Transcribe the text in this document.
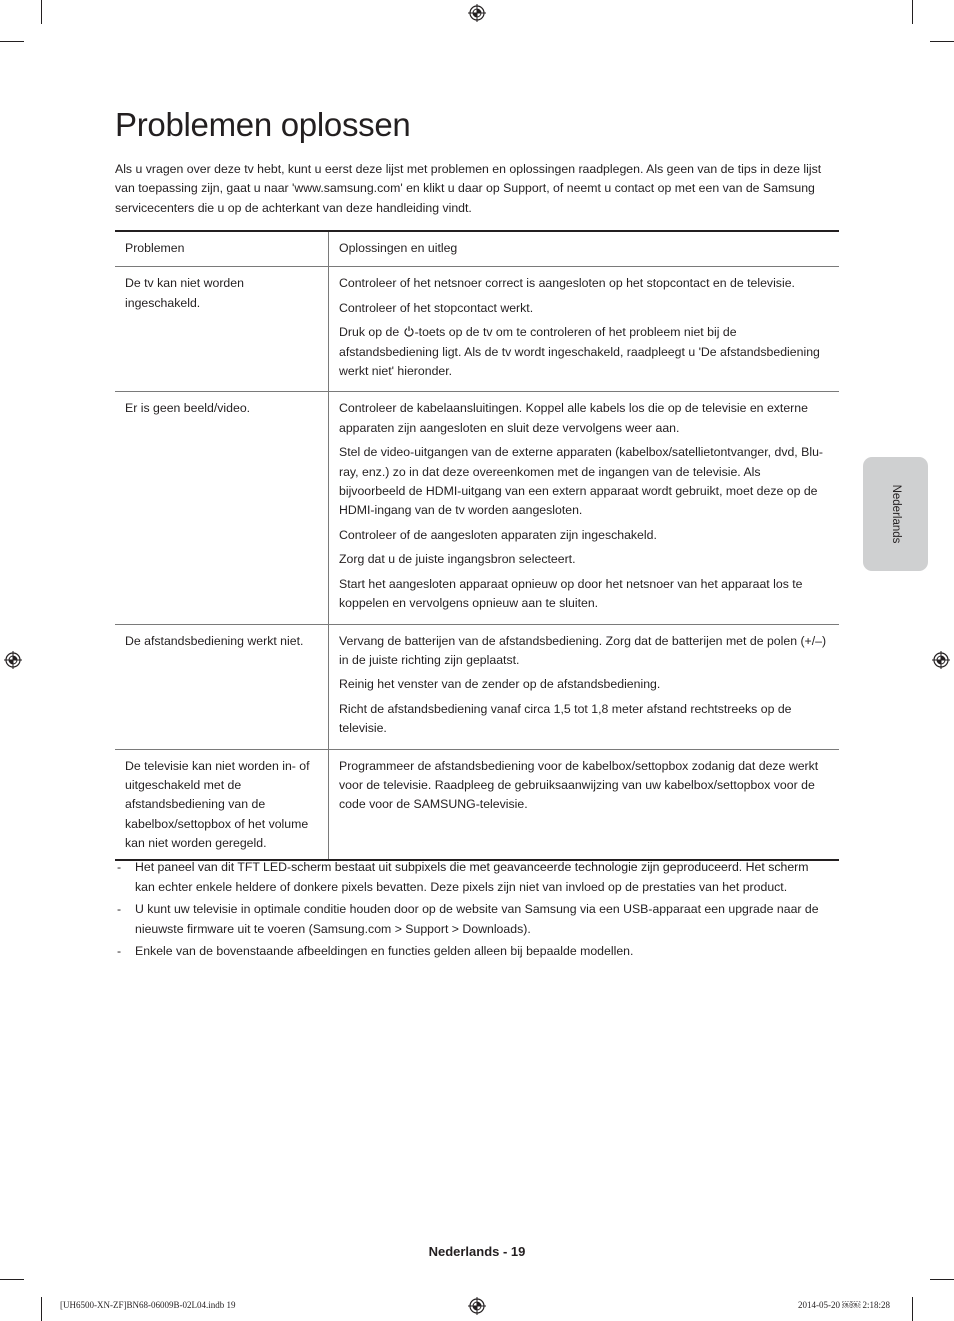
Problemen oplossen

Als u vragen over deze tv hebt, kunt u eerst deze lijst met problemen en oplossingen raadplegen. Als geen van de tips in deze lijst van toepassing zijn, gaat u naar 'www.samsung.com' en klikt u daar op Support, of neemt u contact op met een van de Samsung servicecenters die u op de achterkant van deze handleiding vindt.

Problemen	Oplossingen en uitleg
De tv kan niet worden ingeschakeld.	Controleer of het netsnoer correct is aangesloten op het stopcontact en de televisie.

Controleer of het stopcontact werkt.

Druk op de -toets op de tv om te controleren of het probleem niet bij de afstandsbediening ligt. Als de tv wordt ingeschakeld, raadpleegt u 'De afstandsbediening werkt niet' hieronder.

Er is geen beeld/video.	Controleer de kabelaansluitingen. Koppel alle kabels los die op de televisie en externe apparaten zijn aangesloten en sluit deze vervolgens weer aan.

Stel de video-uitgangen van de externe apparaten (kabelbox/satellietontvanger, dvd, Blu-ray, enz.) zo in dat deze overeenkomen met de ingangen van de televisie. Als bijvoorbeeld de HDMI-uitgang van een extern apparaat wordt gebruikt, moet deze op de HDMI-ingang van de tv worden aangesloten.

Controleer of de aangesloten apparaten zijn ingeschakeld.

Zorg dat u de juiste ingangsbron selecteert.

Start het aangesloten apparaat opnieuw op door het netsnoer van het apparaat los te koppelen en vervolgens opnieuw aan te sluiten.

De afstandsbediening werkt niet.	Vervang de batterijen van de afstandsbediening. Zorg dat de batterijen met de polen (+/–) in de juiste richting zijn geplaatst.

Reinig het venster van de zender op de afstandsbediening.

Richt de afstandsbediening vanaf circa 1,5 tot 1,8 meter afstand rechtstreeks op de televisie.

De televisie kan niet worden in- of uitgeschakeld met de afstandsbediening van de kabelbox/settopbox of het volume kan niet worden geregeld.	Programmeer de afstandsbediening voor de kabelbox/settopbox zodanig dat deze werkt voor de televisie. Raadpleeg de gebruiksaanwijzing van uw kabelbox/settopbox voor de code voor de SAMSUNG-televisie.

- Het paneel van dit TFT LED-scherm bestaat uit subpixels die met geavanceerde technologie zijn geproduceerd. Het scherm kan echter enkele heldere of donkere pixels bevatten. Deze pixels zijn niet van invloed op de prestaties van het product.
- U kunt uw televisie in optimale conditie houden door op de website van Samsung via een USB-apparaat een upgrade naar de nieuwste firmware uit te voeren (Samsung.com > Support > Downloads).
- Enkele van de bovenstaande afbeeldingen en functies gelden alleen bij bepaalde modellen.
Nederlands
Nederlands - 19
[UH6500-XN-ZF]BN68-06009B-02L04.indb 19	2014-05-20 ￼￼ 2:18:28
